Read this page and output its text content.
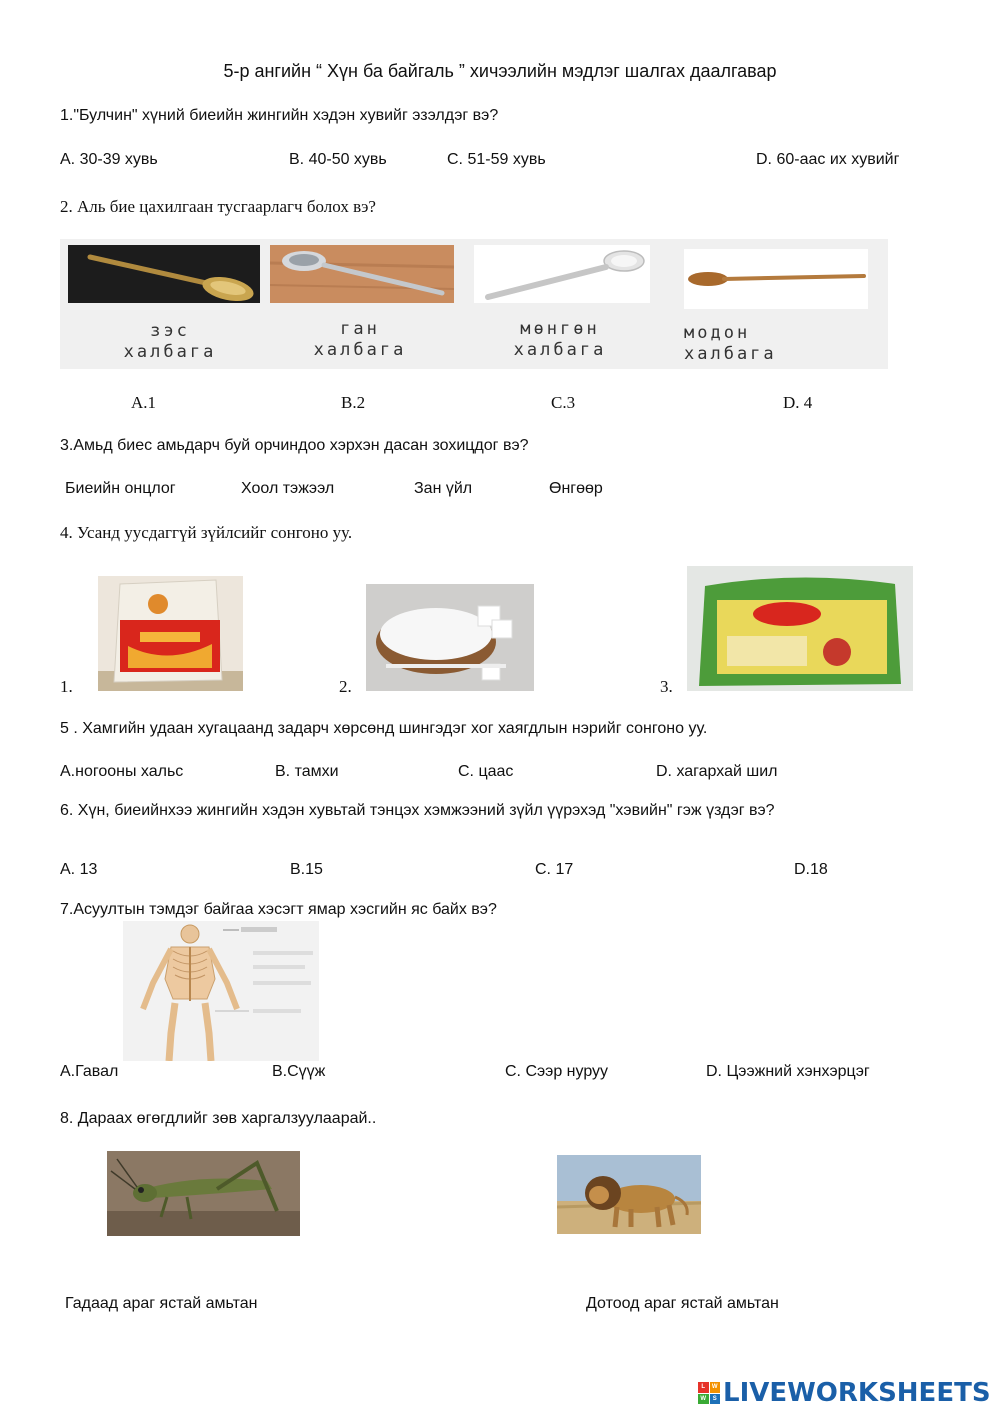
5-р ангийн “ Хүн ба байгаль ” хичээлийн мэдлэг шалгах даалгавар
1."Булчин" хүний биеийн жингийн хэдэн хувийг эзэлдэг вэ?
A. 30-39 хувь	B. 40-50 хувь	C. 51-59 хувь	D. 60-аас их хувийг
2. Аль бие цахилгаан тусгаарлагч болох вэ?
зэс
халбага
ган
халбага
мөнгөн
халбага
модон
халбага
A.1	B.2	C.3	D. 4
3.Амьд биес амьдарч буй орчиндоо хэрхэн дасан зохицдог вэ?
Биеийн онцлог	Хоол тэжээл	Зан үйл	Өнгөөр
4. Усанд уусдаггүй зүйлсийг сонгоно уу.
1.	2.	3.
5 . Хамгийн удаан хугацаанд задарч хөрсөнд шингэдэг хог хаягдлын нэрийг сонгоно уу.
A.ногооны хальс	B. тамхи	C. цаас	D. хагархай шил
6. Хүн, биеийнхээ жингийн хэдэн хувьтай тэнцэх хэмжээний зүйл үүрэхэд "хэвийн" гэж үздэг вэ?
A. 13	B.15	C. 17	D.18
7.Асуултын тэмдэг байгаа хэсэгт ямар хэсгийн яс байх вэ?
A.Гавал	B.Сүүж	C. Сээр нуруу	D. Цээжний хэнхэрцэг
8. Дараах өгөгдлийг зөв харгалзуулаарай..
Гадаад араг ястай амьтан	Дотоод араг ястай амьтан
L	W
W	S LIVEWORKSHEETS
